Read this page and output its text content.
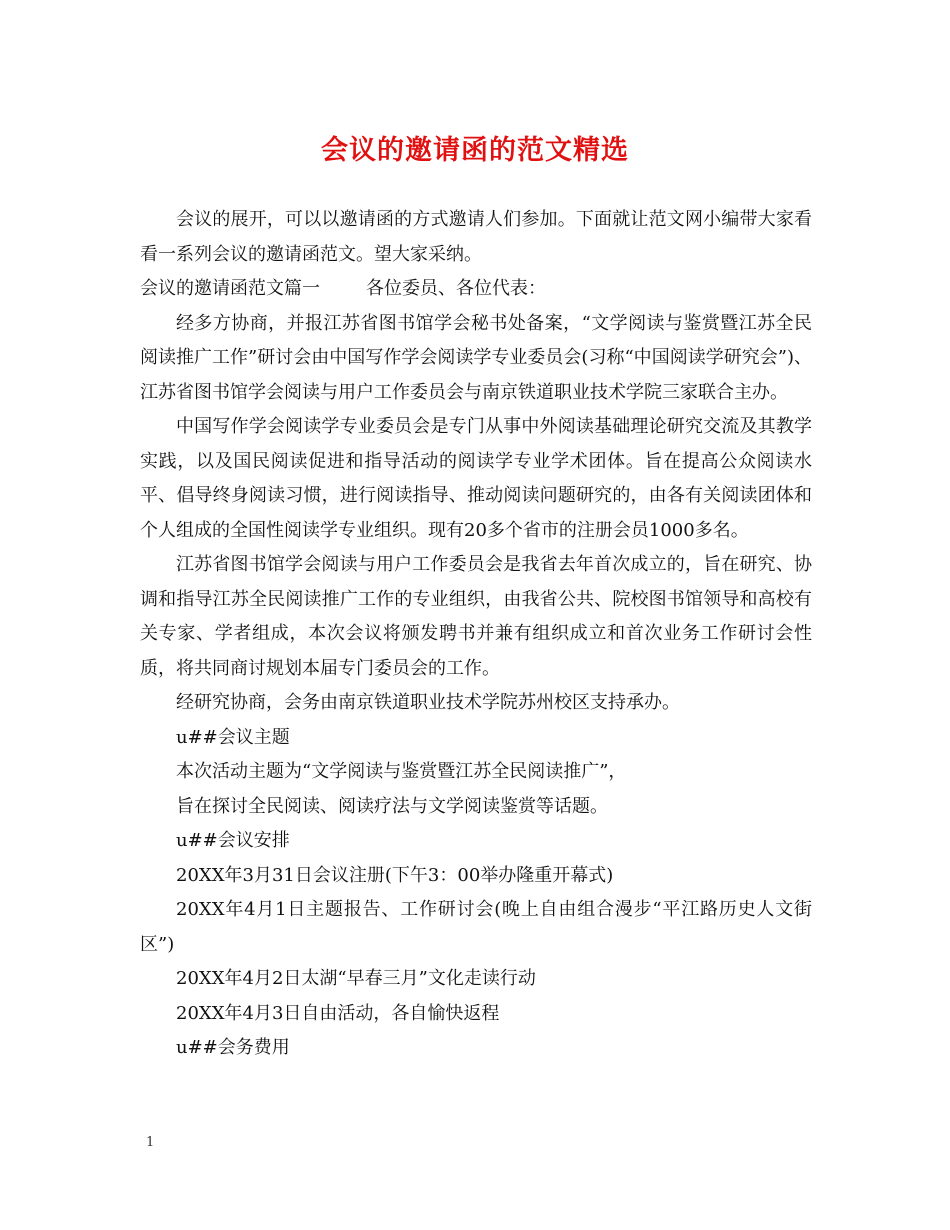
会议的邀请函的范文精选

会议的展开，可以以邀请函的方式邀请人们参加。下面就让范文网小编带大家看看一系列会议的邀请函范文。望大家采纳。

会议的邀请函范文篇一	各位委员、各位代表：

经多方协商，并报江苏省图书馆学会秘书处备案，“文学阅读与鉴赏暨江苏全民阅读推广工作”研讨会由中国写作学会阅读学专业委员会(习称“中国阅读学研究会”)、江苏省图书馆学会阅读与用户工作委员会与南京铁道职业技术学院三家联合主办。

中国写作学会阅读学专业委员会是专门从事中外阅读基础理论研究交流及其教学实践，以及国民阅读促进和指导活动的阅读学专业学术团体。旨在提高公众阅读水平、倡导终身阅读习惯，进行阅读指导、推动阅读问题研究的，由各有关阅读团体和个人组成的全国性阅读学专业组织。现有20多个省市的注册会员1000多名。

江苏省图书馆学会阅读与用户工作委员会是我省去年首次成立的，旨在研究、协调和指导江苏全民阅读推广工作的专业组织，由我省公共、院校图书馆领导和高校有关专家、学者组成，本次会议将颁发聘书并兼有组织成立和首次业务工作研讨会性质，将共同商讨规划本届专门委员会的工作。

经研究协商，会务由南京铁道职业技术学院苏州校区支持承办。

u##会议主题

本次活动主题为“文学阅读与鉴赏暨江苏全民阅读推广”，

旨在探讨全民阅读、阅读疗法与文学阅读鉴赏等话题。

u##会议安排

20XX年3月31日会议注册(下午3：00举办隆重开幕式)

20XX年4月1日主题报告、工作研讨会(晚上自由组合漫步“平江路历史人文街区”)

20XX年4月2日太湖“早春三月”文化走读行动

20XX年4月3日自由活动，各自愉快返程

u##会务费用

1
